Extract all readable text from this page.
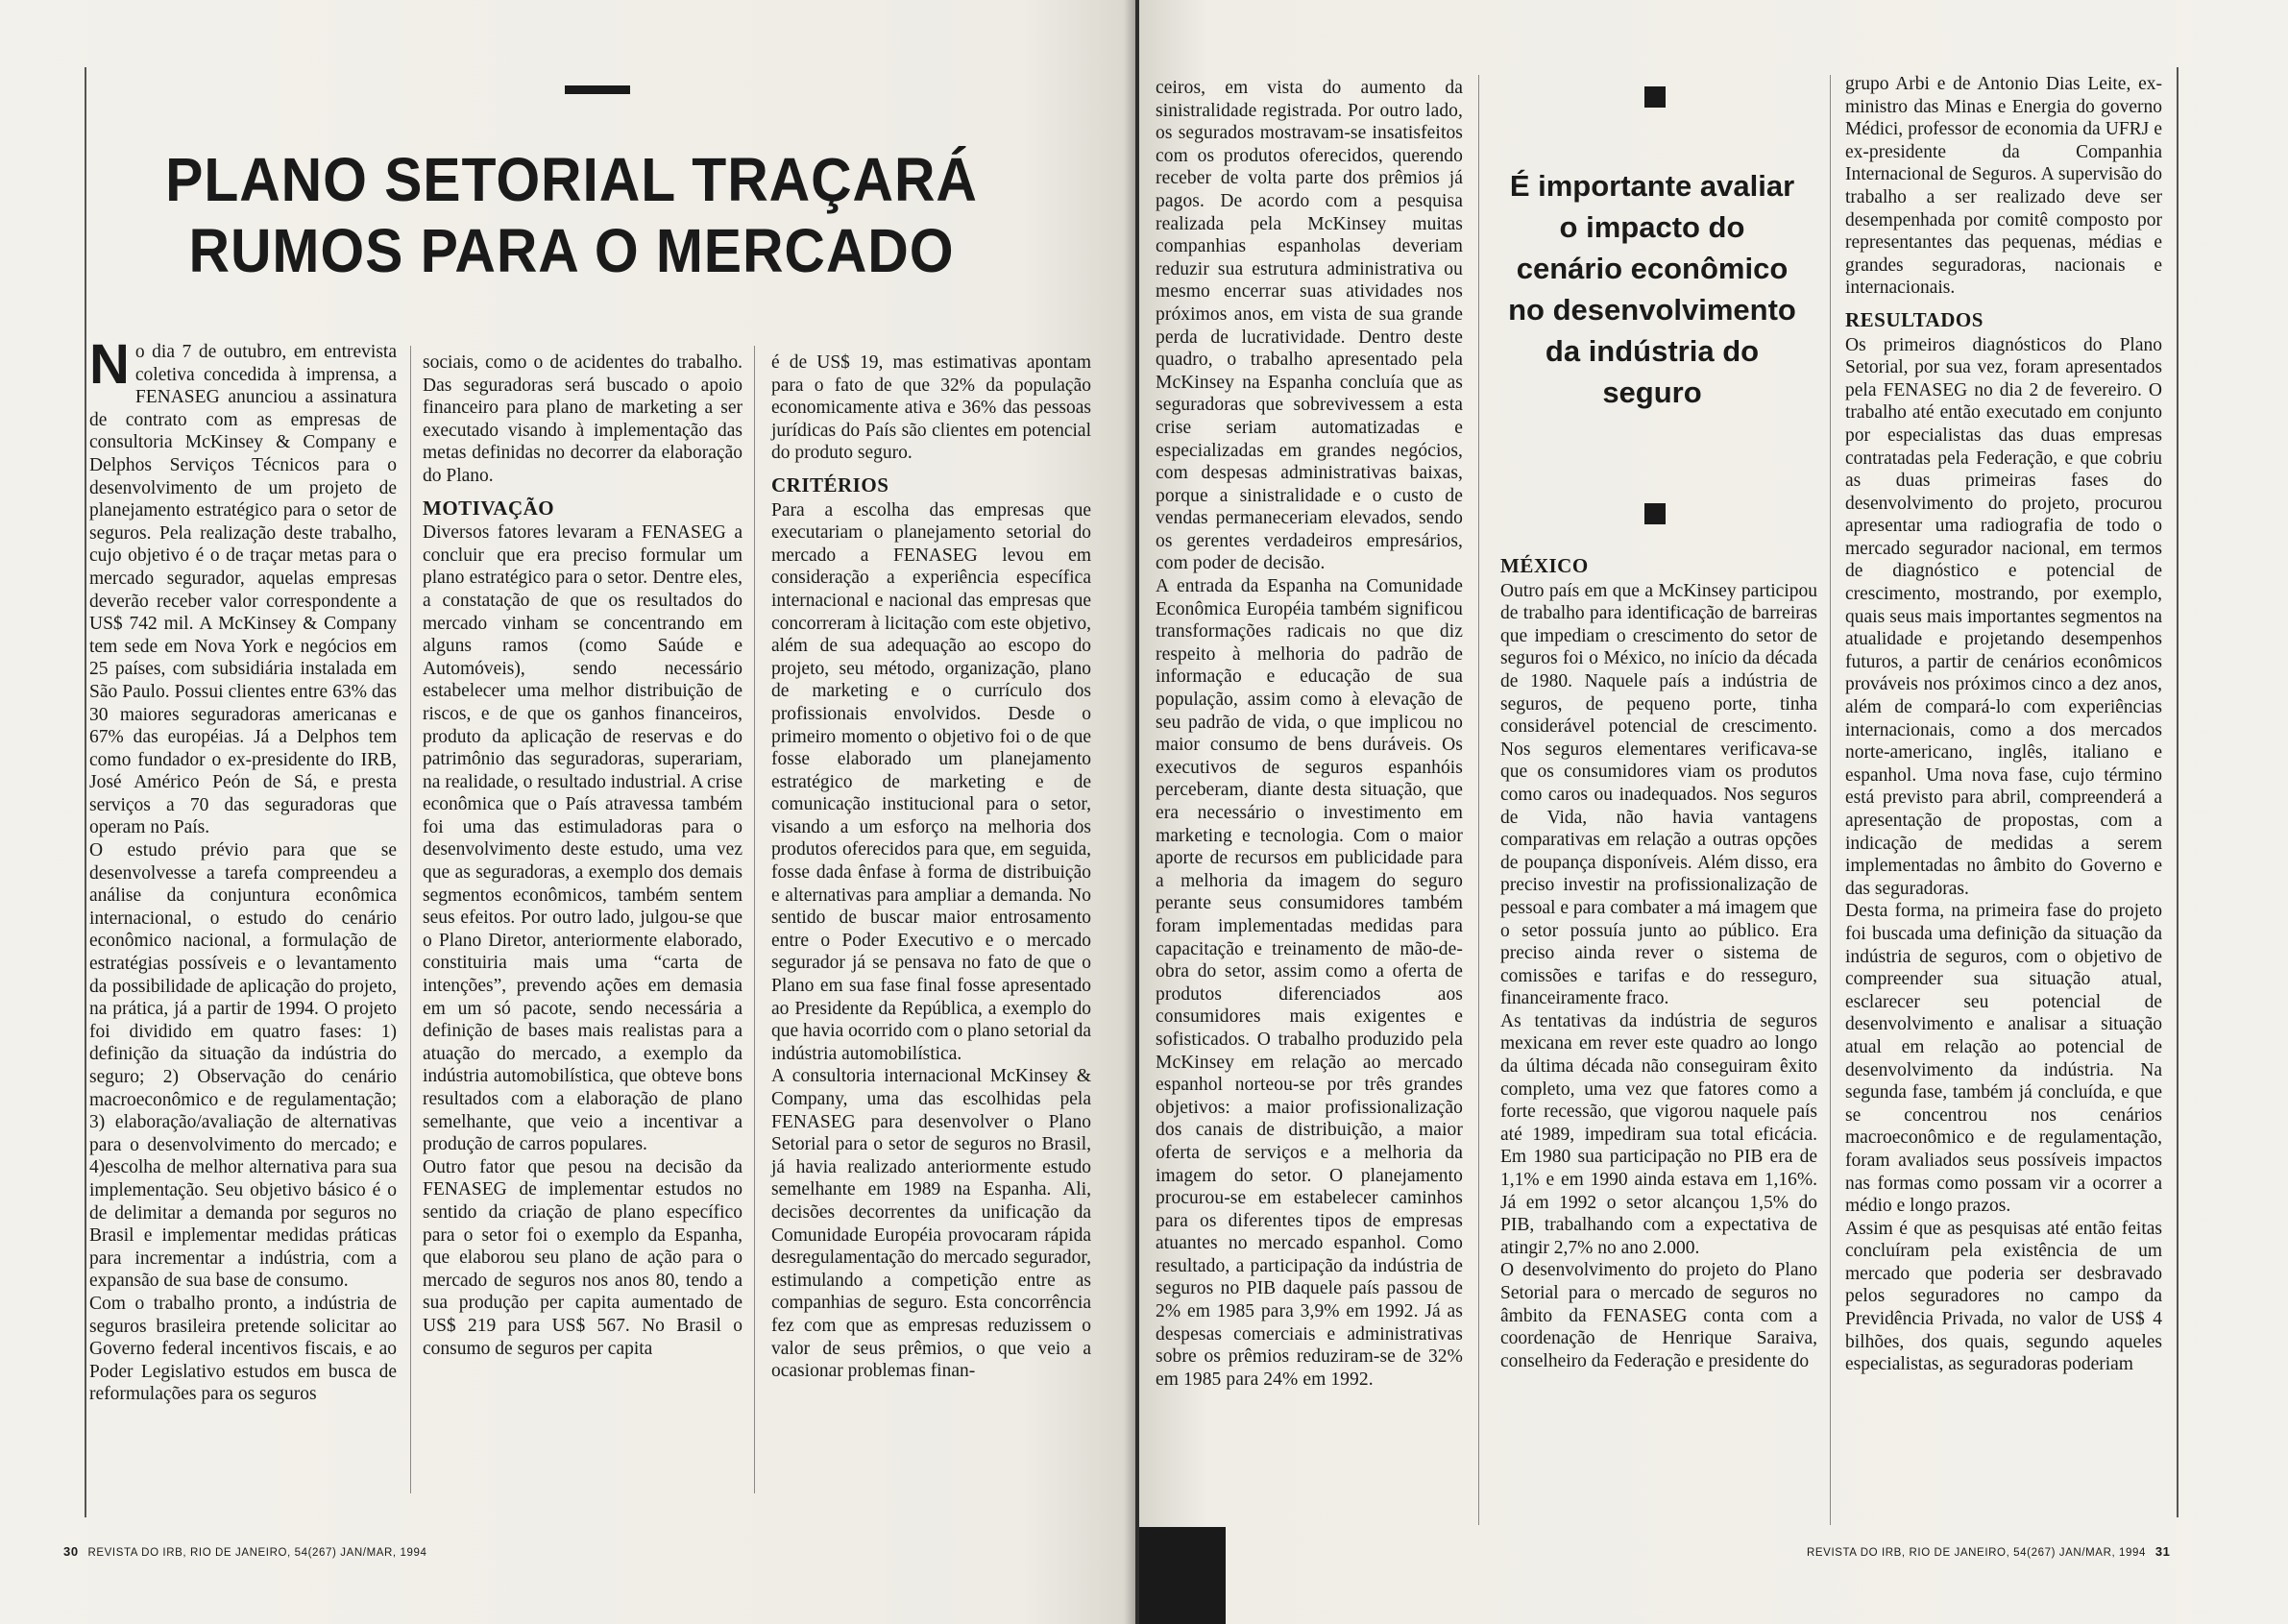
PLANO SETORIAL TRAÇARÁ RUMOS PARA O MERCADO
N o dia 7 de outubro, em entrevista coletiva concedida à imprensa, a FENASEG anunciou a assinatura de contrato com as empresas de consultoria McKinsey & Company e Delphos Serviços Técnicos para o desenvolvimento de um projeto de planejamento estratégico para o setor de seguros. Pela realização deste trabalho, cujo objetivo é o de traçar metas para o mercado segurador, aquelas empresas deverão receber valor correspondente a US$ 742 mil. A McKinsey & Company tem sede em Nova York e negócios em 25 países, com subsidiária instalada em São Paulo. Possui clientes entre 63% das 30 maiores seguradoras americanas e 67% das européias. Já a Delphos tem como fundador o ex-presidente do IRB, José Américo Peón de Sá, e presta serviços a 70 das seguradoras que operam no País.

O estudo prévio para que se desenvolvesse a tarefa compreendeu a análise da conjuntura econômica internacional, o estudo do cenário econômico nacional, a formulação de estratégias possíveis e o levantamento da possibilidade de aplicação do projeto, na prática, já a partir de 1994. O projeto foi dividido em quatro fases: 1) definição da situação da indústria do seguro; 2) Observação do cenário macroeconômico e de regulamentação; 3) elaboração/avaliação de alternativas para o desenvolvimento do mercado; e 4)escolha de melhor alternativa para sua implementação. Seu objetivo básico é o de delimitar a demanda por seguros no Brasil e implementar medidas práticas para incrementar a indústria, com a expansão de sua base de consumo.

Com o trabalho pronto, a indústria de seguros brasileira pretende solicitar ao Governo federal incentivos fiscais, e ao Poder Legislativo estudos em busca de reformulações para os seguros

sociais, como o de acidentes do trabalho. Das seguradoras será buscado o apoio financeiro para plano de marketing a ser executado visando à implementação das metas definidas no decorrer da elaboração do Plano.

MOTIVAÇÃO

Diversos fatores levaram a FENASEG a concluir que era preciso formular um plano estratégico para o setor. Dentre eles, a constatação de que os resultados do mercado vinham se concentrando em alguns ramos (como Saúde e Automóveis), sendo necessário estabelecer uma melhor distribuição de riscos, e de que os ganhos financeiros, produto da aplicação de reservas e do patrimônio das seguradoras, superariam, na realidade, o resultado industrial. A crise econômica que o País atravessa também foi uma das estimuladoras para o desenvolvimento deste estudo, uma vez que as seguradoras, a exemplo dos demais segmentos econômicos, também sentem seus efeitos. Por outro lado, julgou-se que o Plano Diretor, anteriormente elaborado, constituiria mais uma “carta de intenções”, prevendo ações em demasia em um só pacote, sendo necessária a definição de bases mais realistas para a atuação do mercado, a exemplo da indústria automobilística, que obteve bons resultados com a elaboração de plano semelhante, que veio a incentivar a produção de carros populares.

Outro fator que pesou na decisão da FENASEG de implementar estudos no sentido da criação de plano específico para o setor foi o exemplo da Espanha, que elaborou seu plano de ação para o mercado de seguros nos anos 80, tendo a sua produção per capita aumentado de US$ 219 para US$ 567. No Brasil o consumo de seguros per capita

é de US$ 19, mas estimativas apontam para o fato de que 32% da população economicamente ativa e 36% das pessoas jurídicas do País são clientes em potencial do produto seguro.

CRITÉRIOS

Para a escolha das empresas que executariam o planejamento setorial do mercado a FENASEG levou em consideração a experiência específica internacional e nacional das empresas que concorreram à licitação com este objetivo, além de sua adequação ao escopo do projeto, seu método, organização, plano de marketing e o currículo dos profissionais envolvidos. Desde o primeiro momento o objetivo foi o de que fosse elaborado um planejamento estratégico de marketing e de comunicação institucional para o setor, visando a um esforço na melhoria dos produtos oferecidos para que, em seguida, fosse dada ênfase à forma de distribuição e alternativas para ampliar a demanda. No sentido de buscar maior entrosamento entre o Poder Executivo e o mercado segurador já se pensava no fato de que o Plano em sua fase final fosse apresentado ao Presidente da República, a exemplo do que havia ocorrido com o plano setorial da indústria automobilística.

A consultoria internacional McKinsey & Company, uma das escolhidas pela FENASEG para desenvolver o Plano Setorial para o setor de seguros no Brasil, já havia realizado anteriormente estudo semelhante em 1989 na Espanha. Ali, decisões decorrentes da unificação da Comunidade Européia provocaram rápida desregulamentação do mercado segurador, estimulando a competição entre as companhias de seguro. Esta concorrência fez com que as empresas reduzissem o valor de seus prêmios, o que veio a ocasionar problemas finan-

30 REVISTA DO IRB, RIO DE JANEIRO, 54(267) JAN/MAR, 1994

ceiros, em vista do aumento da sinistralidade registrada. Por outro lado, os segurados mostravam-se insatisfeitos com os produtos oferecidos, querendo receber de volta parte dos prêmios já pagos. De acordo com a pesquisa realizada pela McKinsey muitas companhias espanholas deveriam reduzir sua estrutura administrativa ou mesmo encerrar suas atividades nos próximos anos, em vista de sua grande perda de lucratividade. Dentro deste quadro, o trabalho apresentado pela McKinsey na Espanha concluía que as seguradoras que sobrevivessem a esta crise seriam automatizadas e especializadas em grandes negócios, com despesas administrativas baixas, porque a sinistralidade e o custo de vendas permaneceriam elevados, sendo os gerentes verdadeiros empresários, com poder de decisão.

A entrada da Espanha na Comunidade Econômica Européia também significou transformações radicais no que diz respeito à melhoria do padrão de informação e educação de sua população, assim como à elevação de seu padrão de vida, o que implicou no maior consumo de bens duráveis. Os executivos de seguros espanhóis perceberam, diante desta situação, que era necessário o investimento em marketing e tecnologia. Com o maior aporte de recursos em publicidade para a melhoria da imagem do seguro perante seus consumidores também foram implementadas medidas para capacitação e treinamento de mão-de-obra do setor, assim como a oferta de produtos diferenciados aos consumidores mais exigentes e sofisticados. O trabalho produzido pela McKinsey em relação ao mercado espanhol norteou-se por três grandes objetivos: a maior profissionalização dos canais de distribuição, a maior oferta de serviços e a melhoria da imagem do setor. O planejamento procurou-se em estabelecer caminhos para os diferentes tipos de empresas atuantes no mercado espanhol. Como resultado, a participação da indústria de seguros no PIB daquele país passou de 2% em 1985 para 3,9% em 1992. Já as despesas comerciais e administrativas sobre os prêmios reduziram-se de 32% em 1985 para 24% em 1992.

É importante avaliar o impacto do cenário econômico no desenvolvimento da indústria do seguro
MÉXICO

Outro país em que a McKinsey participou de trabalho para identificação de barreiras que impediam o crescimento do setor de seguros foi o México, no início da década de 1980. Naquele país a indústria de seguros, de pequeno porte, tinha considerável potencial de crescimento. Nos seguros elementares verificava-se que os consumidores viam os produtos como caros ou inadequados. Nos seguros de Vida, não havia vantagens comparativas em relação a outras opções de poupança disponíveis. Além disso, era preciso investir na profissionalização de pessoal e para combater a má imagem que o setor possuía junto ao público. Era preciso ainda rever o sistema de comissões e tarifas e do resseguro, financeiramente fraco.

As tentativas da indústria de seguros mexicana em rever este quadro ao longo da última década não conseguiram êxito completo, uma vez que fatores como a forte recessão, que vigorou naquele país até 1989, impediram sua total eficácia. Em 1980 sua participação no PIB era de 1,1% e em 1990 ainda estava em 1,16%. Já em 1992 o setor alcançou 1,5% do PIB, trabalhando com a expectativa de atingir 2,7% no ano 2.000.

O desenvolvimento do projeto do Plano Setorial para o mercado de seguros no âmbito da FENASEG conta com a coordenação de Henrique Saraiva, conselheiro da Federação e presidente do

grupo Arbi e de Antonio Dias Leite, ex-ministro das Minas e Energia do governo Médici, professor de economia da UFRJ e ex-presidente da Companhia Internacional de Seguros. A supervisão do trabalho a ser realizado deve ser desempenhada por comitê composto por representantes das pequenas, médias e grandes seguradoras, nacionais e internacionais.

RESULTADOS

Os primeiros diagnósticos do Plano Setorial, por sua vez, foram apresentados pela FENASEG no dia 2 de fevereiro. O trabalho até então executado em conjunto por especialistas das duas empresas contratadas pela Federação, e que cobriu as duas primeiras fases do desenvolvimento do projeto, procurou apresentar uma radiografia de todo o mercado segurador nacional, em termos de diagnóstico e potencial de crescimento, mostrando, por exemplo, quais seus mais importantes segmentos na atualidade e projetando desempenhos futuros, a partir de cenários econômicos prováveis nos próximos cinco a dez anos, além de compará-lo com experiências internacionais, como a dos mercados norte-americano, inglês, italiano e espanhol. Uma nova fase, cujo término está previsto para abril, compreenderá a apresentação de propostas, com a indicação de medidas a serem implementadas no âmbito do Governo e das seguradoras.

Desta forma, na primeira fase do projeto foi buscada uma definição da situação da indústria de seguros, com o objetivo de compreender sua situação atual, esclarecer seu potencial de desenvolvimento e analisar a situação atual em relação ao potencial de desenvolvimento da indústria. Na segunda fase, também já concluída, e que se concentrou nos cenários macroeconômico e de regulamentação, foram avaliados seus possíveis impactos nas formas como possam vir a ocorrer a médio e longo prazos.

Assim é que as pesquisas até então feitas concluíram pela existência de um mercado que poderia ser desbravado pelos seguradores no campo da Previdência Privada, no valor de US$ 4 bilhões, dos quais, segundo aqueles especialistas, as seguradoras poderiam

REVISTA DO IRB, RIO DE JANEIRO, 54(267) JAN/MAR, 1994 31
